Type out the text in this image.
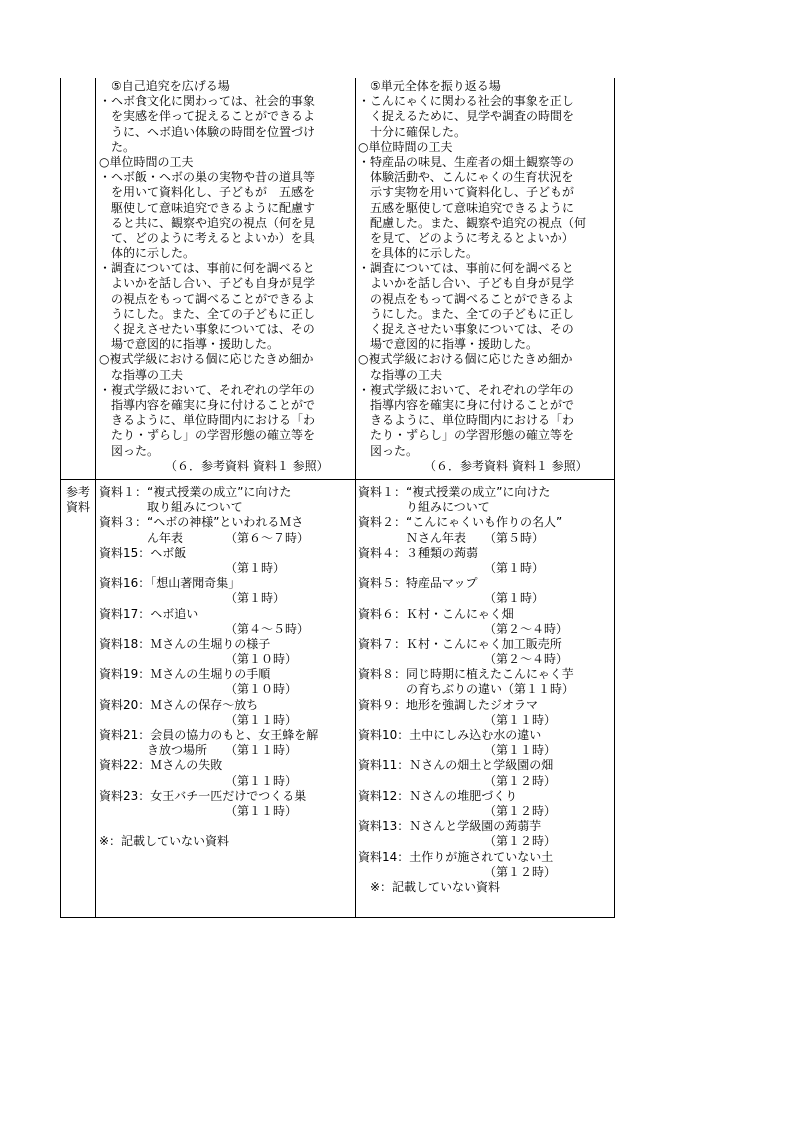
　⑤自己追究を広げる場
・ヘボ食文化に関わっては、社会的事象
　を実感を伴って捉えることができるよ
　うに、ヘボ追い体験の時間を位置づけ
　た。
○単位時間の工夫
・ヘボ飯・ヘボの巣の実物や昔の道具等
　を用いて資料化し、子どもが　五感を
　駆使して意味追究できるように配慮す
　ると共に、観察や追究の視点（何を見
　て、どのように考えるとよいか）を具
　体的に示した。
・調査については、事前に何を調べると
　よいかを話し合い、子ども自身が見学
　の視点をもって調べることができるよ
　うにした。また、全ての子どもに正し
　く捉えさせたい事象については、その
　場で意図的に指導・援助した。
○複式学級における個に応じたきめ細か
　な指導の工夫
・複式学級において、それぞれの学年の
　指導内容を確実に身に付けることがで
　きるように、単位時間内における「わ
　たり・ずらし」の学習形態の確立等を
　図った。
　　　　　　（６．参考資料 資料１ 参照）
　⑤単元全体を振り返る場
・こんにゃくに関わる社会的事象を正し
　く捉えるために、見学や調査の時間を
　十分に確保した。
○単位時間の工夫
・特産品の味見、生産者の畑土観察等の
　体験活動や、こんにゃくの生育状況を
　示す実物を用いて資料化し、子どもが
　五感を駆使して意味追究できるように
　配慮した。また、観察や追究の視点（何
　を見て、どのように考えるとよいか）
　を具体的に示した。
・調査については、事前に何を調べると
　よいかを話し合い、子ども自身が見学
　の視点をもって調べることができるよ
　うにした。また、全ての子どもに正し
　く捉えさせたい事象については、その
　場で意図的に指導・援助した。
○複式学級における個に応じたきめ細か
　な指導の工夫
・複式学級において、それぞれの学年の
　指導内容を確実に身に付けることがで
　きるように、単位時間内における「わ
　たり・ずらし」の学習形態の確立等を
　図った。
　　　　　　（６．参考資料 資料１ 参照）
参考
資料
資料１：“複式授業の成立”に向けた
　　　　取り組みについて
資料３：“ヘボの神様”といわれるＭさ
　　　　ん年表　　　　（第６～７時）
資料15：ヘボ飯
　　　　　　　　　　　（第１時）
資料16：「想山著聞奇集」
　　　　　　　　　　　（第１時）
資料17：ヘボ追い
　　　　　　　　　　　（第４～５時）
資料18：Ｍさんの生堀りの様子
　　　　　　　　　　　（第１０時）
資料19：Ｍさんの生堀りの手順
　　　　　　　　　　　（第１０時）
資料20：Ｍさんの保存～放ち
　　　　　　　　　　　（第１１時）
資料21：会員の協力のもと、女王蜂を解
　　　　き放つ場所　　（第１１時）
資料22：Ｍさんの失敗
　　　　　　　　　　　（第１１時）
資料23：女王バチ一匹だけでつくる巣
　　　　　　　　　　　（第１１時）
※：記載していない資料
資料１：“複式授業の成立”に向けた
　　　　り組みについて
資料２：“こんにゃくいも作りの名人”
　　　　Ｎさん年表　　（第５時）
資料４：３種類の蒟蒻
　　　　　　　　　　　（第１時）
資料５：特産品マップ
　　　　　　　　　　　（第１時）
資料６：Ｋ村・こんにゃく畑
　　　　　　　　　　　（第２～４時）
資料７：Ｋ村・こんにゃく加工販売所
　　　　　　　　　　　（第２～４時）
資料８：同じ時期に植えたこんにゃく芋
　　　　の育ちぶりの違い（第１１時）
資料９：地形を強調したジオラマ
　　　　　　　　　　　（第１１時）
資料10：土中にしみ込む水の違い
　　　　　　　　　　　（第１１時）
資料11：Ｎさんの畑土と学級園の畑
　　　　　　　　　　　（第１２時）
資料12：Ｎさんの堆肥づくり
　　　　　　　　　　　（第１２時）
資料13：Ｎさんと学級園の蒟蒻芋
　　　　　　　　　　　（第１２時）
資料14：土作りが施されていない土
　　　　　　　　　　　（第１２時）
　※：記載していない資料
